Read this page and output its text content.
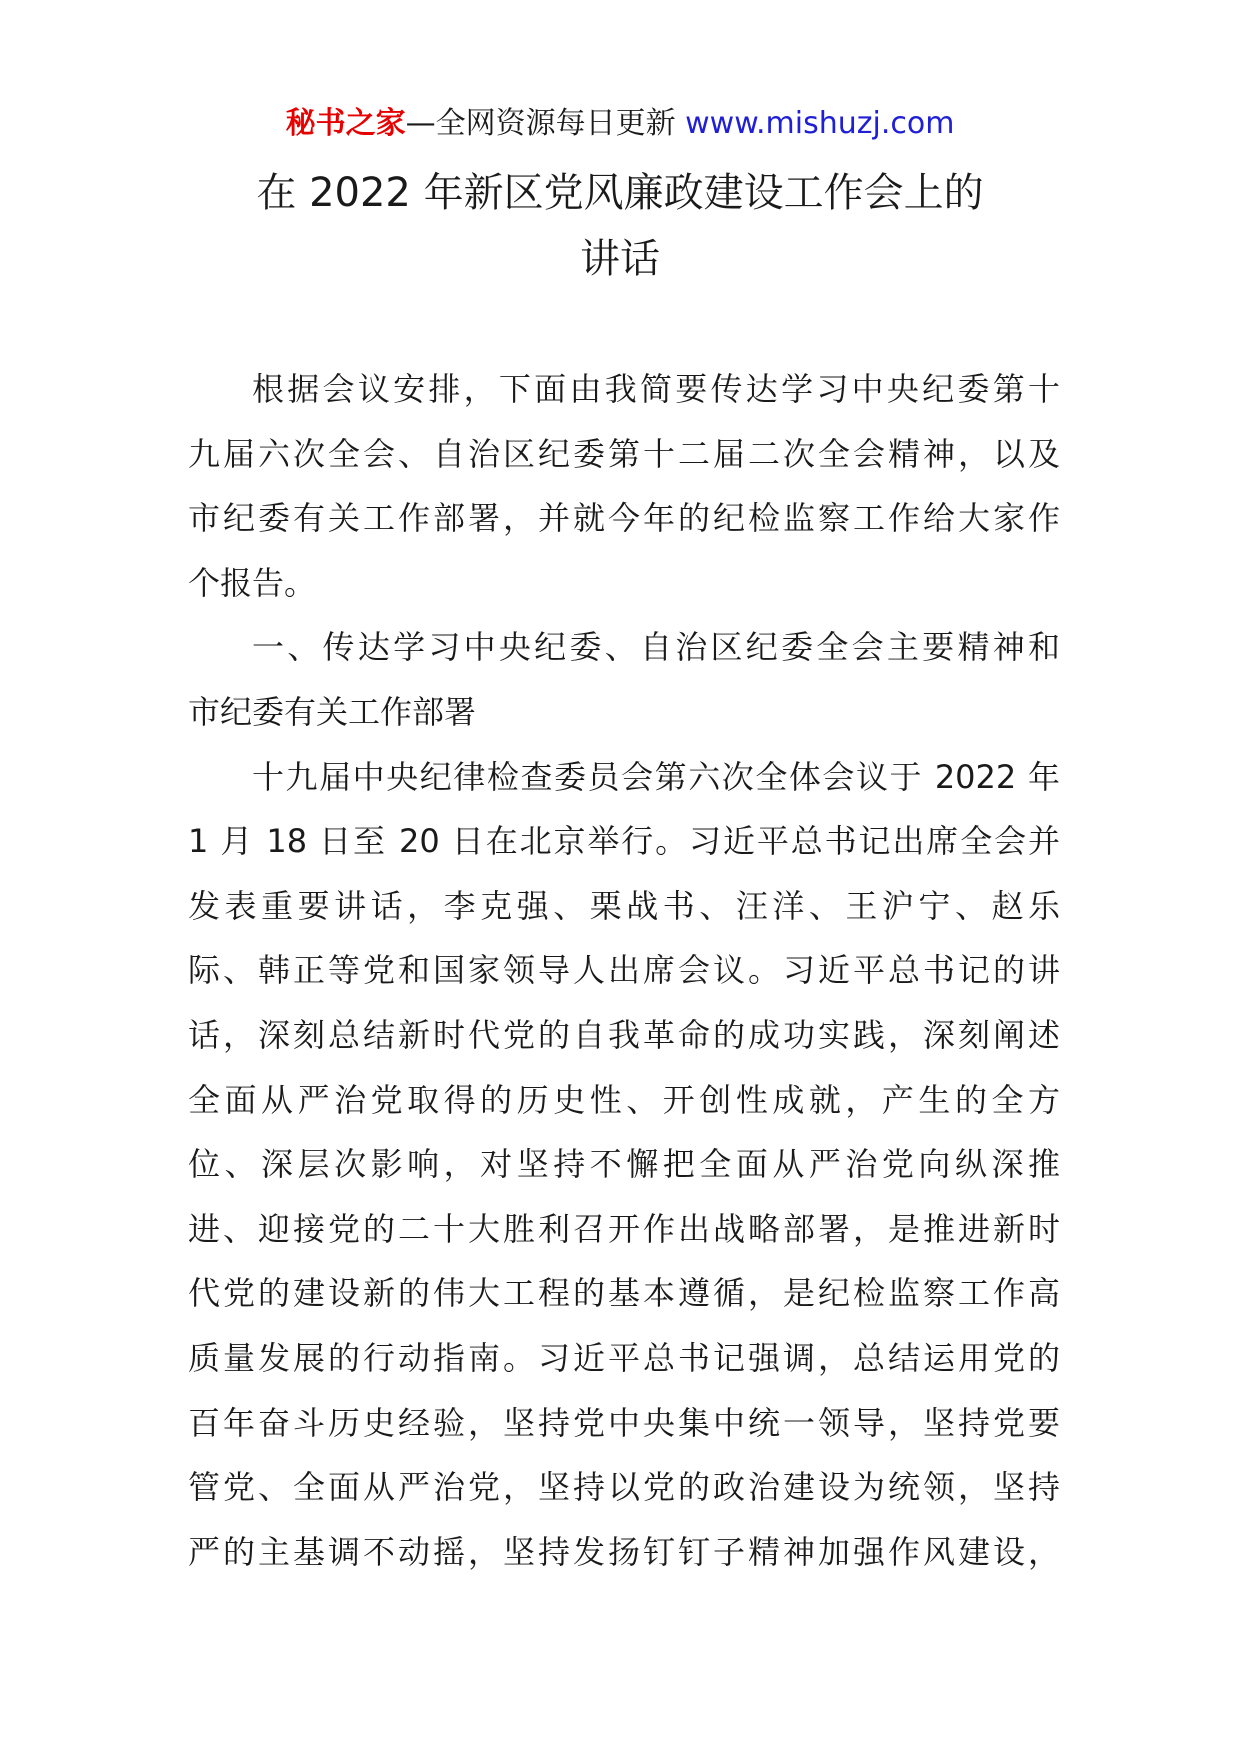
秘书之家—全网资源每日更新 www.mishuzj.com
在 2022 年新区党风廉政建设工作会上的
讲话
根据会议安排，下面由我简要传达学习中央纪委第十
九届六次全会、自治区纪委第十二届二次全会精神，以及
市纪委有关工作部署，并就今年的纪检监察工作给大家作
个报告。
一、传达学习中央纪委、自治区纪委全会主要精神和
市纪委有关工作部署
十九届中央纪律检查委员会第六次全体会议于 2022 年
1 月 18 日至 20 日在北京举行。习近平总书记出席全会并
发表重要讲话，李克强、栗战书、汪洋、王沪宁、赵乐
际、韩正等党和国家领导人出席会议。习近平总书记的讲
话，深刻总结新时代党的自我革命的成功实践，深刻阐述
全面从严治党取得的历史性、开创性成就，产生的全方
位、深层次影响，对坚持不懈把全面从严治党向纵深推
进、迎接党的二十大胜利召开作出战略部署，是推进新时
代党的建设新的伟大工程的基本遵循，是纪检监察工作高
质量发展的行动指南。习近平总书记强调，总结运用党的
百年奋斗历史经验，坚持党中央集中统一领导，坚持党要
管党、全面从严治党，坚持以党的政治建设为统领，坚持
严的主基调不动摇，坚持发扬钉钉子精神加强作风建设，
